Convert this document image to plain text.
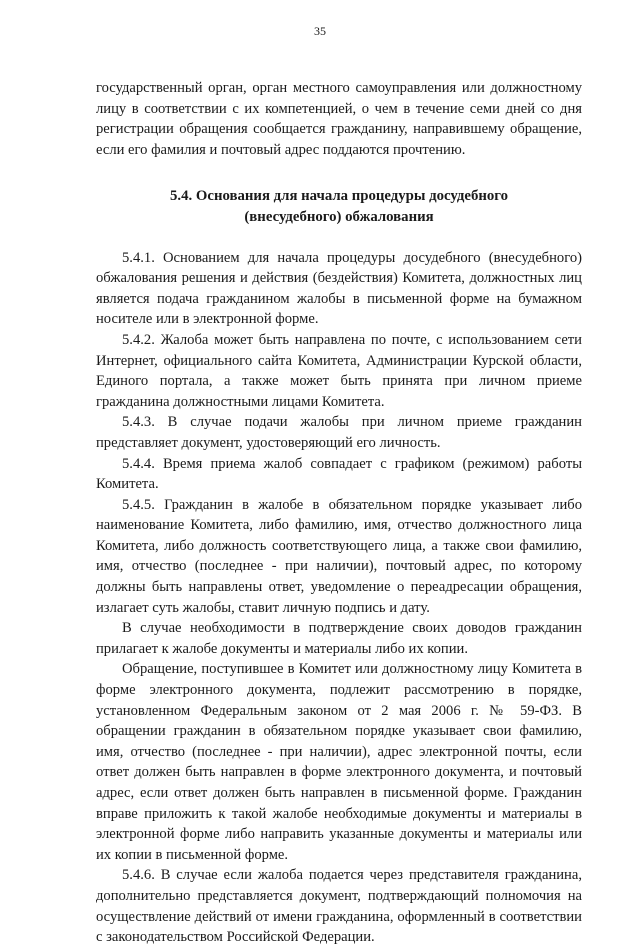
35

государственный орган, орган местного самоуправления или должностному лицу в соответствии с их компетенцией, о чем в течение семи дней со дня регистрации обращения сообщается гражданину, направившему обращение, если его фамилия и почтовый адрес поддаются прочтению.

5.4. Основания для начала процедуры досудебного
(внесудебного) обжалования

5.4.1. Основанием для начала процедуры досудебного (внесудебного) обжалования решения и действия (бездействия) Комитета, должностных лиц является подача гражданином жалобы в письменной форме на бумажном носителе или в электронной форме.

5.4.2. Жалоба может быть направлена по почте, с использованием сети Интернет, официального сайта Комитета, Администрации Курской области, Единого портала, а также может быть принята при личном приеме гражданина должностными лицами Комитета.

5.4.3. В случае подачи жалобы при личном приеме гражданин представляет документ, удостоверяющий его личность.

5.4.4. Время приема жалоб совпадает с графиком (режимом) работы Комитета.

5.4.5. Гражданин в жалобе в обязательном порядке указывает либо наименование Комитета, либо фамилию, имя, отчество должностного лица Комитета, либо должность соответствующего лица, а также свои фамилию, имя, отчество (последнее - при наличии), почтовый адрес, по которому должны быть направлены ответ, уведомление о переадресации обращения, излагает суть жалобы, ставит личную подпись и дату.

В случае необходимости в подтверждение своих доводов гражданин прилагает к жалобе документы и материалы либо их копии.

Обращение, поступившее в Комитет или должностному лицу Комитета в форме электронного документа, подлежит рассмотрению в порядке, установленном Федеральным законом от 2 мая 2006 г. № 59-ФЗ. В обращении гражданин в обязательном порядке указывает свои фамилию, имя, отчество (последнее - при наличии), адрес электронной почты, если ответ должен быть направлен в форме электронного документа, и почтовый адрес, если ответ должен быть направлен в письменной форме. Гражданин вправе приложить к такой жалобе необходимые документы и материалы в электронной форме либо направить указанные документы и материалы или их копии в письменной форме.

5.4.6. В случае если жалоба подается через представителя гражданина, дополнительно представляется документ, подтверждающий полномочия на осуществление действий от имени гражданина, оформленный в соответствии с законодательством Российской Федерации.
